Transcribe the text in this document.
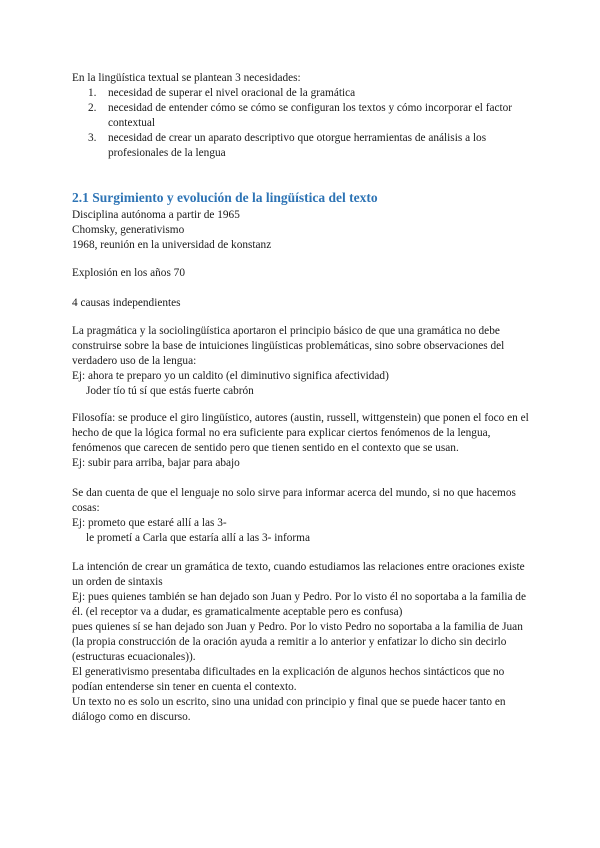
En la lingüística textual se plantean 3 necesidades:

1. necesidad de superar el nivel oracional de la gramática
2. necesidad de entender cómo se cómo se configuran los textos y cómo incorporar el factor contextual
3. necesidad de crear un aparato descriptivo que otorgue herramientas de análisis a los profesionales de la lengua
2.1 Surgimiento y evolución de la lingüística del texto

Disciplina autónoma a partir de 1965

Chomsky, generativismo

1968, reunión en la universidad de konstanz

Explosión en los años 70
4 causas independientes

La pragmática y la sociolingüística aportaron el principio básico de que una gramática no debe construirse sobre la base de intuiciones lingüísticas problemáticas, sino sobre observaciones del verdadero uso de la lengua:

Ej: ahora te preparo yo un caldito (el diminutivo significa afectividad)

Joder tío tú sí que estás fuerte cabrón

Filosofía: se produce el giro lingüístico, autores (austin, russell, wittgenstein) que ponen el foco en el hecho de que la lógica formal no era suficiente para explicar ciertos fenómenos de la lengua, fenómenos que carecen de sentido pero que tienen sentido en el contexto que se usan.

Ej: subir para arriba, bajar para abajo

Se dan cuenta de que el lenguaje no solo sirve para informar acerca del mundo, si no que hacemos cosas:

Ej: prometo que estaré allí a las 3-

le prometí a Carla que estaría allí a las 3- informa

La intención de crear un gramática de texto, cuando estudiamos las relaciones entre oraciones existe un orden de sintaxis

Ej: pues quienes también se han dejado son Juan y Pedro. Por lo visto él no soportaba a la familia de él. (el receptor va a dudar, es gramaticalmente aceptable pero es confusa)

pues quienes sí se han dejado son Juan y Pedro. Por lo visto Pedro no soportaba a la familia de Juan (la propia construcción de la oración ayuda a remitir a lo anterior y enfatizar lo dicho sin decirlo (estructuras ecuacionales)).

El generativismo presentaba dificultades en la explicación de algunos hechos sintácticos que no podían entenderse sin tener en cuenta el contexto.

Un texto no es solo un escrito, sino una unidad con principio y final que se puede hacer tanto en diálogo como en discurso.
